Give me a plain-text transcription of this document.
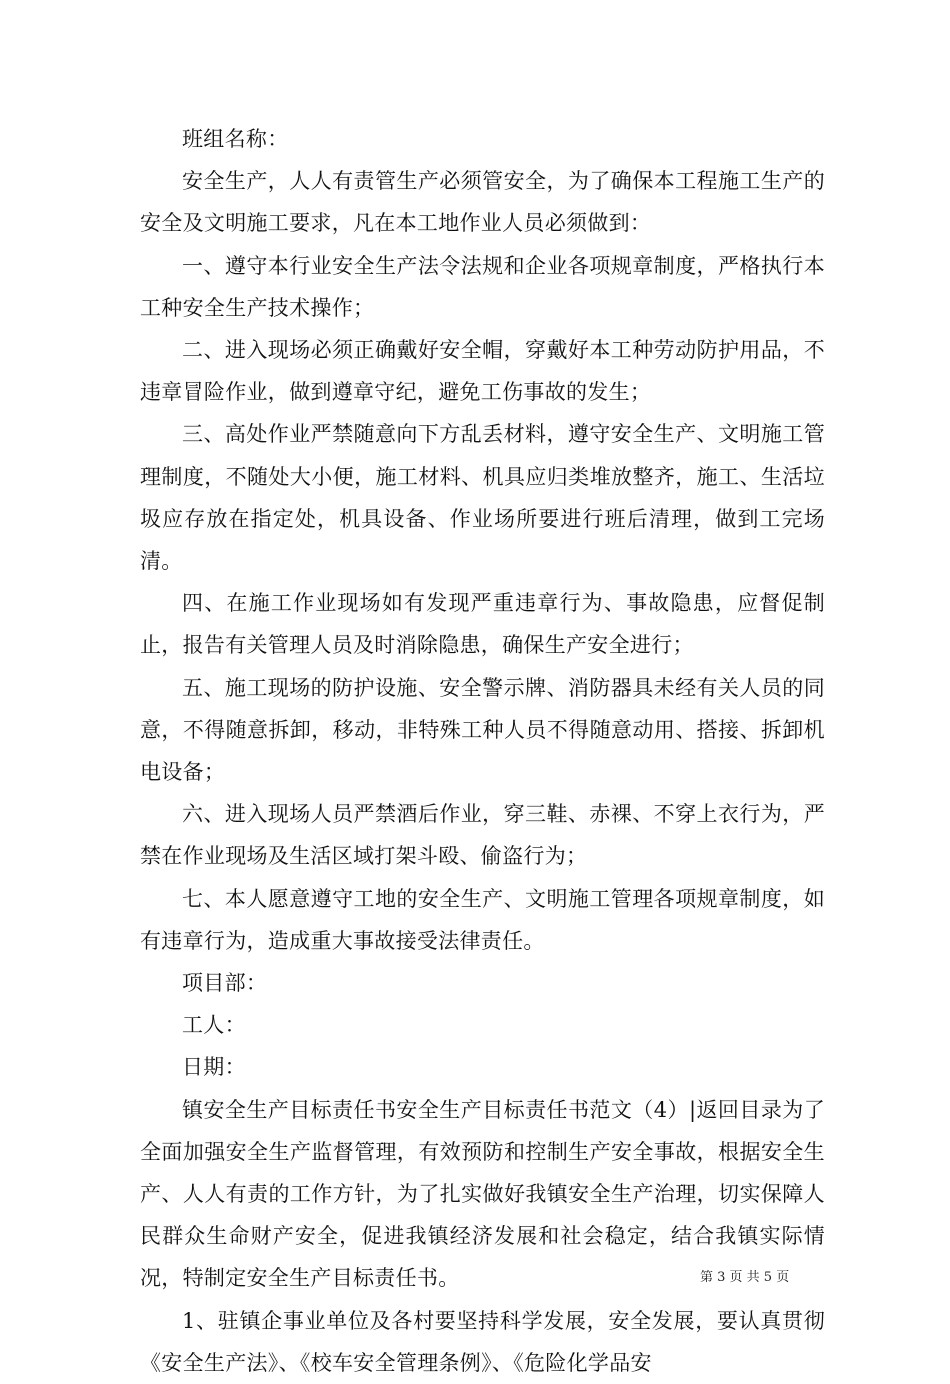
班组名称：

安全生产，人人有责管生产必须管安全，为了确保本工程施工生产的安全及文明施工要求，凡在本工地作业人员必须做到：

一、遵守本行业安全生产法令法规和企业各项规章制度，严格执行本工种安全生产技术操作；

二、进入现场必须正确戴好安全帽，穿戴好本工种劳动防护用品，不违章冒险作业，做到遵章守纪，避免工伤事故的发生；

三、高处作业严禁随意向下方乱丢材料，遵守安全生产、文明施工管理制度，不随处大小便，施工材料、机具应归类堆放整齐，施工、生活垃圾应存放在指定处，机具设备、作业场所要进行班后清理，做到工完场清。

四、在施工作业现场如有发现严重违章行为、事故隐患，应督促制止，报告有关管理人员及时消除隐患，确保生产安全进行；

五、施工现场的防护设施、安全警示牌、消防器具未经有关人员的同意，不得随意拆卸，移动，非特殊工种人员不得随意动用、搭接、拆卸机电设备；

六、进入现场人员严禁酒后作业，穿三鞋、赤裸、不穿上衣行为，严禁在作业现场及生活区域打架斗殴、偷盗行为；

七、本人愿意遵守工地的安全生产、文明施工管理各项规章制度，如有违章行为，造成重大事故接受法律责任。

项目部：

工人：

日期：

镇安全生产目标责任书安全生产目标责任书范文（4）|返回目录为了全面加强安全生产监督管理，有效预防和控制生产安全事故，根据安全生产、人人有责的工作方针，为了扎实做好我镇安全生产治理，切实保障人民群众生命财产安全，促进我镇经济发展和社会稳定，结合我镇实际情况，特制定安全生产目标责任书。

1、驻镇企事业单位及各村要坚持科学发展，安全发展，要认真贯彻《安全生产法》、《校车安全管理条例》、《危险化学品安

第 3 页 共 5 页
